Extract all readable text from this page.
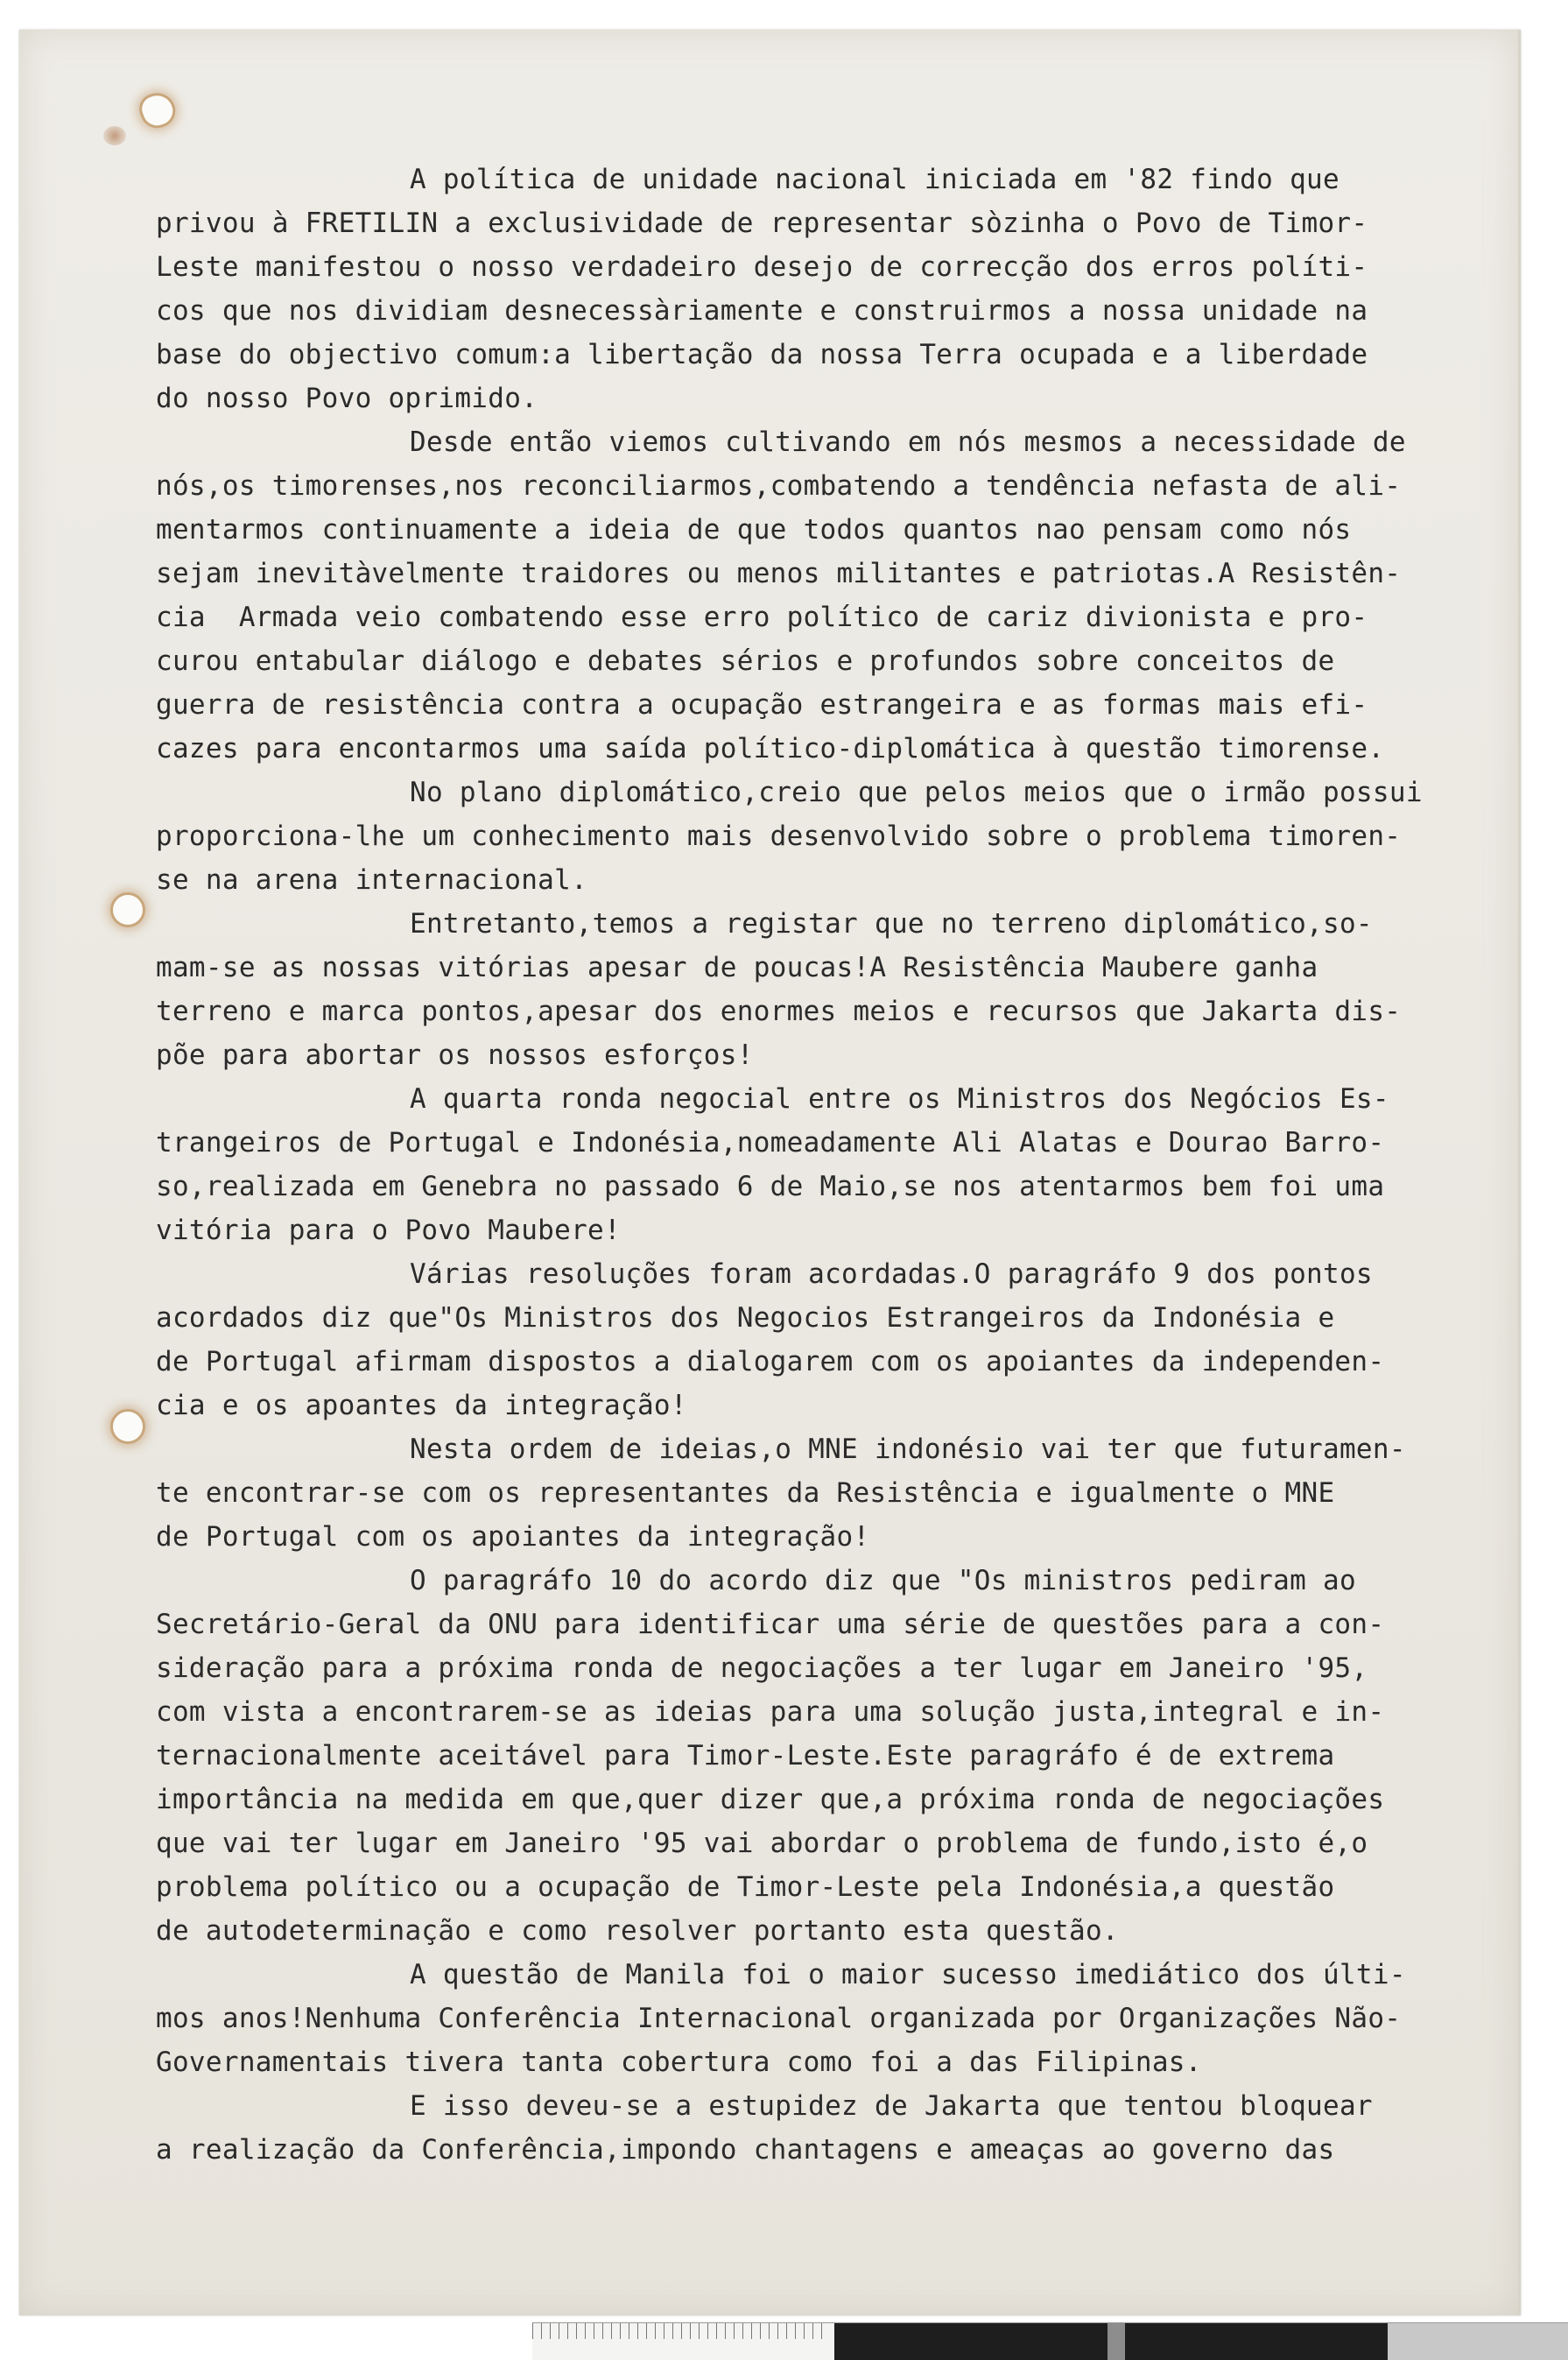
A política de unidade nacional iniciada em '82 findo que
privou à FRETILIN a exclusividade de representar sòzinha o Povo de Timor-
Leste manifestou o nosso verdadeiro desejo de correcção dos erros políti-
cos que nos dividiam desnecessàriamente e construirmos a nossa unidade na
base do objectivo comum:a libertação da nossa Terra ocupada e a liberdade
do nosso Povo oprimido.
Desde então viemos cultivando em nós mesmos a necessidade de
nós,os timorenses,nos reconciliarmos,combatendo a tendência nefasta de ali-
mentarmos continuamente a ideia de que todos quantos nao pensam como nós
sejam inevitàvelmente traidores ou menos militantes e patriotas.A Resistên-
cia  Armada veio combatendo esse erro político de cariz divionista e pro-
curou entabular diálogo e debates sérios e profundos sobre conceitos de
guerra de resistência contra a ocupação estrangeira e as formas mais efi-
cazes para encontarmos uma saída político-diplomática à questão timorense.
No plano diplomático,creio que pelos meios que o irmão possui
proporciona-lhe um conhecimento mais desenvolvido sobre o problema timoren-
se na arena internacional.
Entretanto,temos a registar que no terreno diplomático,so-
mam-se as nossas vitórias apesar de poucas!A Resistência Maubere ganha
terreno e marca pontos,apesar dos enormes meios e recursos que Jakarta dis-
põe para abortar os nossos esforços!
A quarta ronda negocial entre os Ministros dos Negócios Es-
trangeiros de Portugal e Indonésia,nomeadamente Ali Alatas e Dourao Barro-
so,realizada em Genebra no passado 6 de Maio,se nos atentarmos bem foi uma
vitória para o Povo Maubere!
Várias resoluções foram acordadas.O paragráfo 9 dos pontos
acordados diz que"Os Ministros dos Negocios Estrangeiros da Indonésia e
de Portugal afirmam dispostos a dialogarem com os apoiantes da independen-
cia e os apoantes da integração!
Nesta ordem de ideias,o MNE indonésio vai ter que futuramen-
te encontrar-se com os representantes da Resistência e igualmente o MNE
de Portugal com os apoiantes da integração!
O paragráfo 10 do acordo diz que "Os ministros pediram ao
Secretário-Geral da ONU para identificar uma série de questões para a con-
sideração para a próxima ronda de negociações a ter lugar em Janeiro '95,
com vista a encontrarem-se as ideias para uma solução justa,integral e in-
ternacionalmente aceitável para Timor-Leste.Este paragráfo é de extrema
importância na medida em que,quer dizer que,a próxima ronda de negociações
que vai ter lugar em Janeiro '95 vai abordar o problema de fundo,isto é,o
problema político ou a ocupação de Timor-Leste pela Indonésia,a questão
de autodeterminação e como resolver portanto esta questão.
A questão de Manila foi o maior sucesso imediático dos últi-
mos anos!Nenhuma Conferência Internacional organizada por Organizações Não-
Governamentais tivera tanta cobertura como foi a das Filipinas.
E isso deveu-se a estupidez de Jakarta que tentou bloquear
a realização da Conferência,impondo chantagens e ameaças ao governo das
